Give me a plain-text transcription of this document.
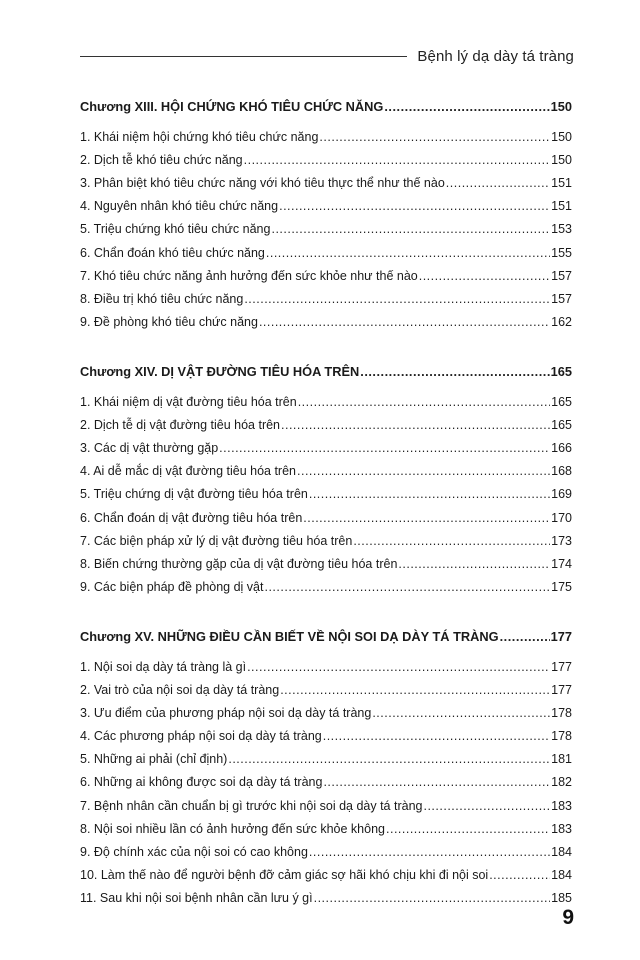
Bệnh lý dạ dày tá tràng
Chương XIII. HỘI CHỨNG KHÓ TIÊU CHỨC NĂNG .....	150
1. Khái niệm hội chứng khó tiêu chức năng .....	150
2. Dịch tễ khó tiêu chức năng .....	150
3. Phân biệt khó tiêu chức năng với khó tiêu thực thể như thế nào .....	151
4. Nguyên nhân khó tiêu chức năng .....	151
5. Triệu chứng khó tiêu chức năng .....	153
6. Chẩn đoán khó tiêu chức năng .....	155
7. Khó tiêu chức năng ảnh hưởng đến sức khỏe như thế nào .....	157
8. Điều trị khó tiêu chức năng .....	157
9. Đề phòng khó tiêu chức năng .....	162
Chương XIV. DỊ VẬT ĐƯỜNG TIÊU HÓA TRÊN .....	165
1. Khái niệm dị vật đường tiêu hóa trên .....	165
2. Dịch tễ dị vật đường tiêu hóa trên .....	165
3. Các dị vật thường gặp .....	166
4. Ai dễ mắc dị vật đường tiêu hóa trên .....	168
5. Triệu chứng dị vật đường tiêu hóa trên .....	169
6. Chẩn đoán dị vật đường tiêu hóa trên .....	170
7. Các biện pháp xử lý dị vật đường tiêu hóa trên .....	173
8. Biến chứng thường gặp của dị vật đường tiêu hóa trên .....	174
9. Các biện pháp đề phòng dị vật .....	175
Chương XV. NHỮNG ĐIỀU CẦN BIẾT VỀ NỘI SOI DẠ DÀY TÁ TRÀNG .....	177
1. Nội soi dạ dày tá tràng là gì .....	177
2. Vai trò của nội soi dạ dày tá tràng .....	177
3. Ưu điểm của phương pháp nội soi dạ dày tá tràng .....	178
4. Các phương pháp nội soi dạ dày tá tràng .....	178
5. Những ai phải (chỉ định) .....	181
6. Những ai không được soi dạ dày tá tràng .....	182
7. Bệnh nhân cần chuẩn bị gì trước khi nội soi dạ dày tá tràng .....	183
8. Nội soi nhiều lần có ảnh hưởng đến sức khỏe không .....	183
9. Độ chính xác của nội soi có cao không .....	184
10. Làm thế nào để người bệnh đỡ cảm giác sợ hãi khó chịu khi đi nội soi .....	184
11. Sau khi nội soi bệnh nhân cần lưu ý gì .....	185
9
